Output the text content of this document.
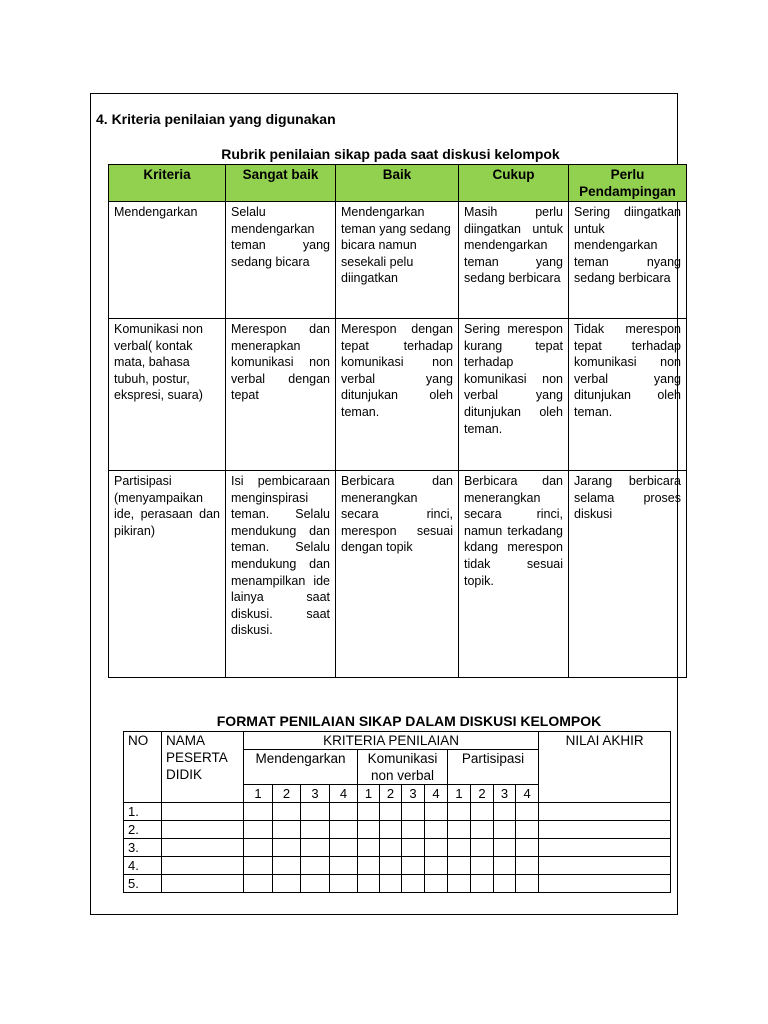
4. Kriteria penilaian yang digunakan
Rubrik penilaian sikap pada saat diskusi kelompok
Kriteria	Sangat baik	Baik	Cukup	Perlu Pendampingan
Mendengarkan	Selalu mendengarkan teman yang sedang bicara	Mendengarkan teman yang sedang bicara namun sesekali pelu diingatkan	Masih perlu diingatkan untuk mendengarkan teman yang sedang berbicara	Sering diingatkan untuk mendengarkan teman nyang sedang berbicara
Komunikasi non verbal( kontak mata, bahasa tubuh, postur, ekspresi, suara)	Merespon dan menerapkan komunikasi non verbal dengan tepat	Merespon dengan tepat terhadap komunikasi non verbal yang ditunjukan oleh teman.	Sering merespon kurang tepat terhadap komunikasi non verbal yang ditunjukan oleh teman.	Tidak merespon tepat terhadap komunikasi non verbal yang ditunjukan oleh teman.
Partisipasi (menyampaikan ide, perasaan dan pikiran)	Isi pembicaraan menginspirasi teman. Selalu mendukung dan teman. Selalu mendukung dan menampilkan ide lainya saat diskusi. saat diskusi.	Berbicara dan menerangkan secara rinci, merespon sesuai dengan topik	Berbicara dan menerangkan secara rinci, namun terkadang kdang merespon tidak sesuai topik.	Jarang berbicara selama proses diskusi
FORMAT PENILAIAN SIKAP DALAM DISKUSI KELOMPOK
NO	NAMA PESERTA DIDIK	KRITERIA PENILAIAN												NILAI AKHIR
		Mendengarkan				Komunikasi non verbal				Partisipasi				
		1	2	3	4	1	2	3	4	1	2	3	4	
1.														
2.														
3.														
4.														
5.														
